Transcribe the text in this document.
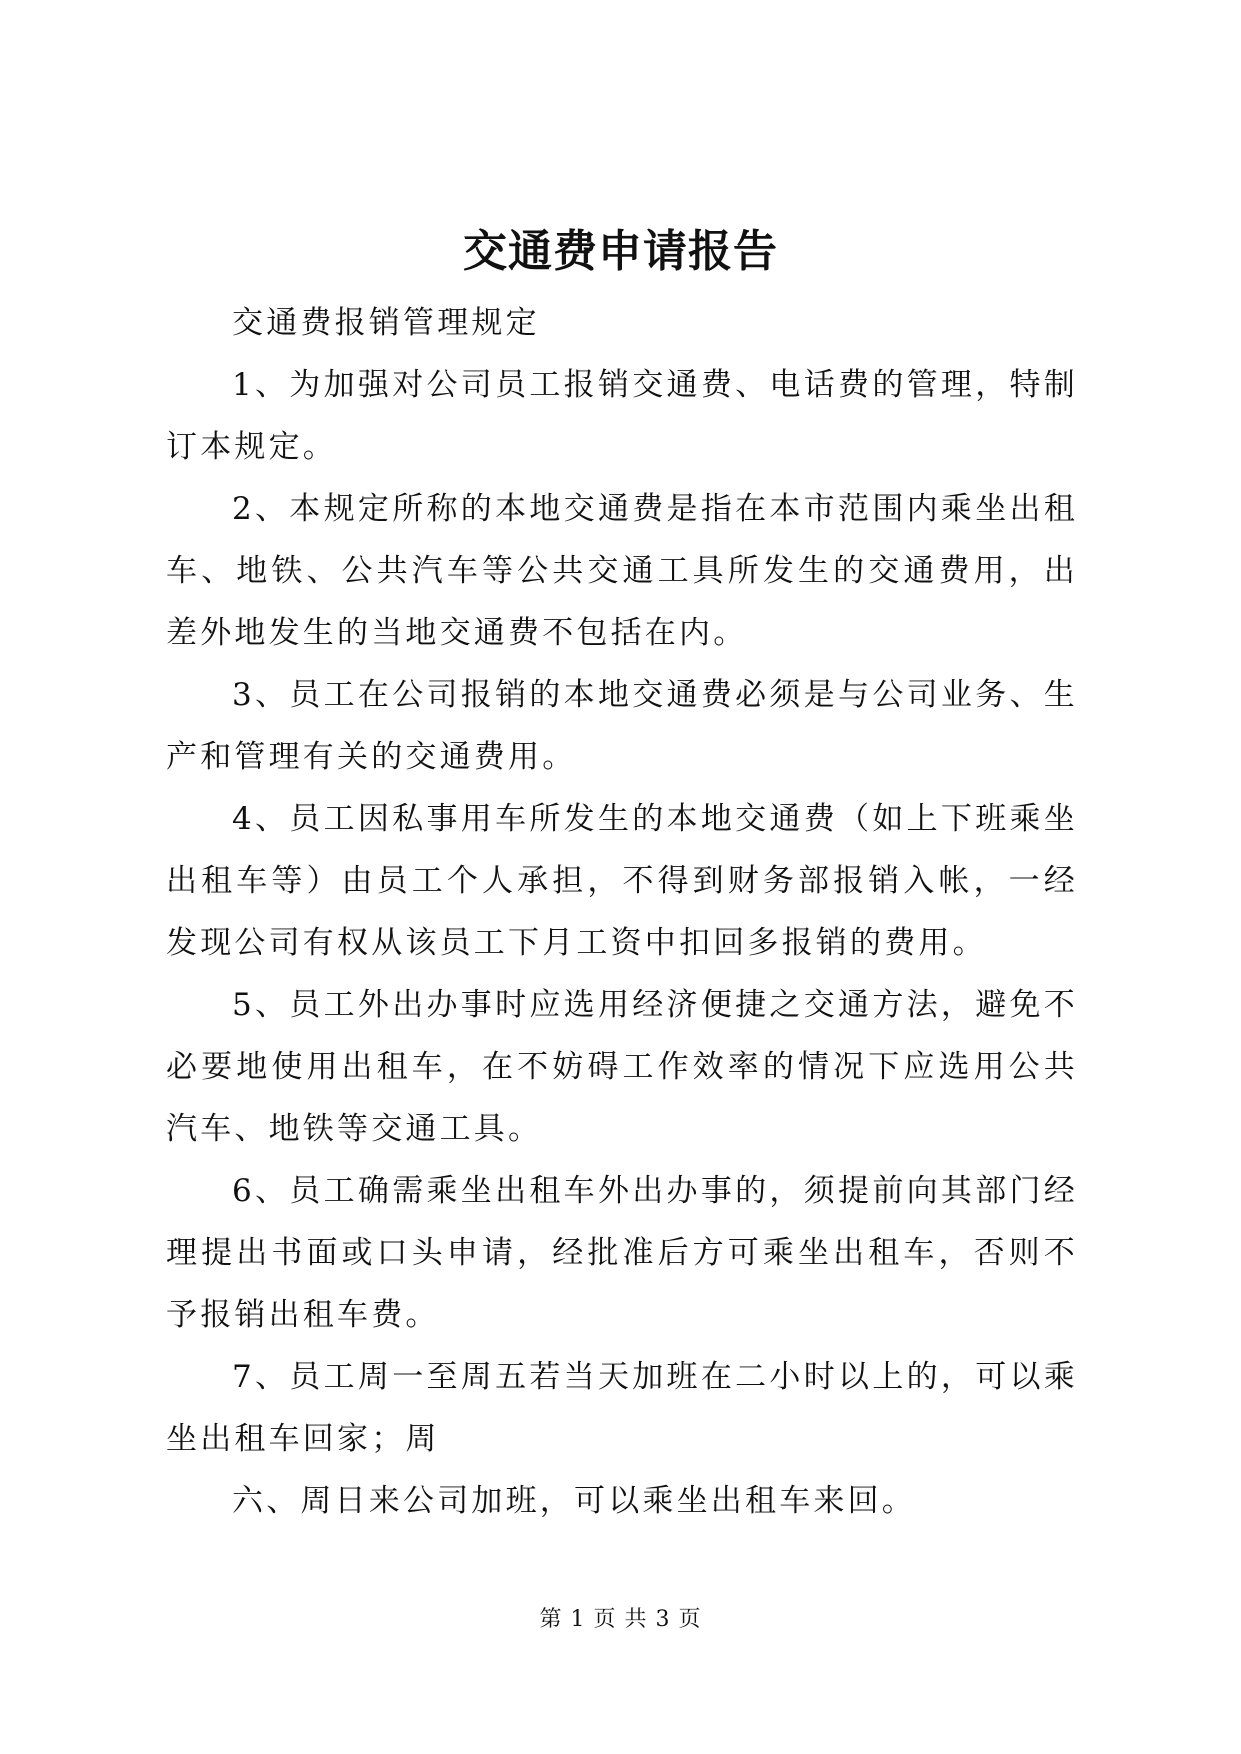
交通费申请报告

交通费报销管理规定

1、为加强对公司员工报销交通费、电话费的管理，特制订本规定。

2、本规定所称的本地交通费是指在本市范围内乘坐出租车、地铁、公共汽车等公共交通工具所发生的交通费用，出差外地发生的当地交通费不包括在内。

3、员工在公司报销的本地交通费必须是与公司业务、生产和管理有关的交通费用。

4、员工因私事用车所发生的本地交通费（如上下班乘坐出租车等）由员工个人承担，不得到财务部报销入帐，一经发现公司有权从该员工下月工资中扣回多报销的费用。

5、员工外出办事时应选用经济便捷之交通方法，避免不必要地使用出租车，在不妨碍工作效率的情况下应选用公共汽车、地铁等交通工具。

6、员工确需乘坐出租车外出办事的，须提前向其部门经理提出书面或口头申请，经批准后方可乘坐出租车，否则不予报销出租车费。

7、员工周一至周五若当天加班在二小时以上的，可以乘坐出租车回家；周

六、周日来公司加班，可以乘坐出租车来回。

第 1 页 共 3 页
